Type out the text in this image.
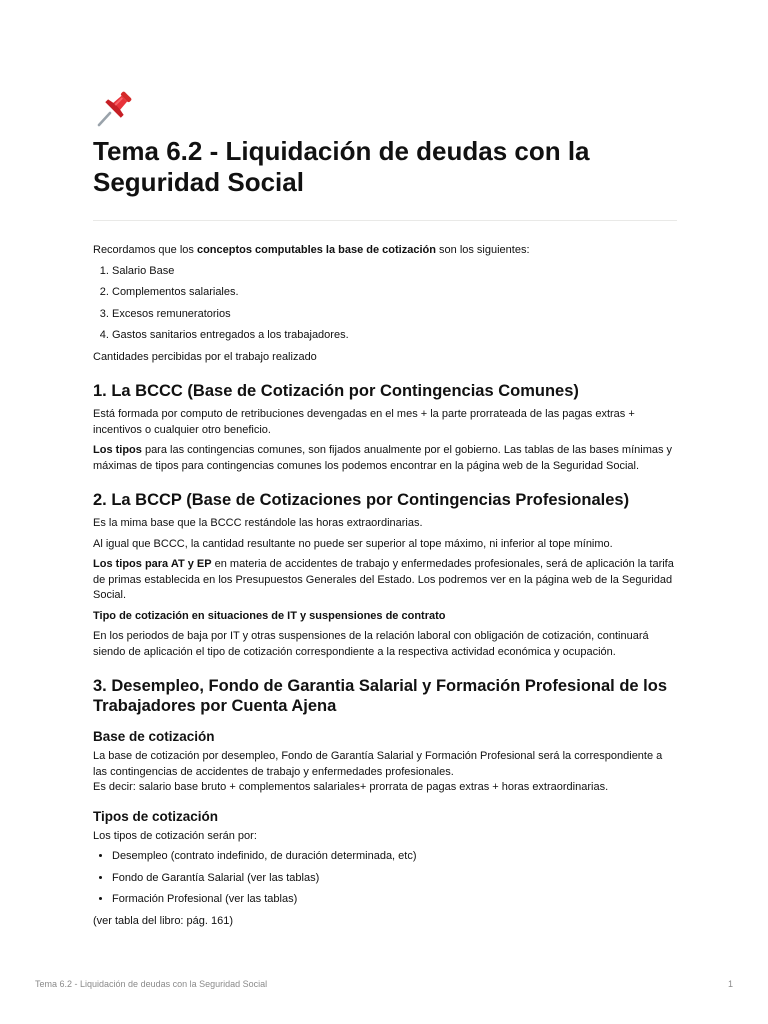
Tema 6.2 - Liquidación de deudas con la Seguridad Social

Recordamos que los conceptos computables la base de cotización son los siguientes:

1. Salario Base
2. Complementos salariales.
3. Excesos remuneratorios
4. Gastos sanitarios entregados a los trabajadores.

Cantidades percibidas por el trabajo realizado

1. La BCCC (Base de Cotización por Contingencias Comunes)

Está formada por computo de retribuciones devengadas en el mes + la parte prorrateada de las pagas extras + incentivos o cualquier otro beneficio.

Los tipos para las contingencias comunes, son fijados anualmente por el gobierno. Las tablas de las bases mínimas y máximas de tipos para contingencias comunes los podemos encontrar en la página web de la Seguridad Social.

2. La BCCP (Base de Cotizaciones por Contingencias Profesionales)

Es la mima base que la BCCC restándole las horas extraordinarias.

Al igual que BCCC, la cantidad resultante no puede ser superior al tope máximo, ni inferior al tope mínimo.

Los tipos para AT y EP en materia de accidentes de trabajo y enfermedades profesionales, será de aplicación la tarifa de primas establecida en los Presupuestos Generales del Estado. Los podremos ver en la página web de la Seguridad Social.

Tipo de cotización en situaciones de IT y suspensiones de contrato

En los periodos de baja por IT y otras suspensiones de la relación laboral con obligación de cotización, continuará siendo de aplicación el tipo de cotización correspondiente a la respectiva actividad económica y ocupación.

3. Desempleo, Fondo de Garantia Salarial y Formación Profesional de los Trabajadores por Cuenta Ajena
Base de cotización

La base de cotización por desempleo, Fondo de Garantía Salarial y Formación Profesional será la correspondiente a las contingencias de accidentes de trabajo y enfermedades profesionales.
Es decir: salario base bruto + complementos salariales+ prorrata de pagas extras + horas extraordinarias.

Tipos de cotización

Los tipos de cotización serán por:

• Desempleo (contrato indefinido, de duración determinada, etc)
• Fondo de Garantía Salarial (ver las tablas)
• Formación Profesional (ver las tablas)

(ver tabla del libro: pág. 161)

Tema 6.2 - Liquidación de deudas con la Seguridad Social	1
